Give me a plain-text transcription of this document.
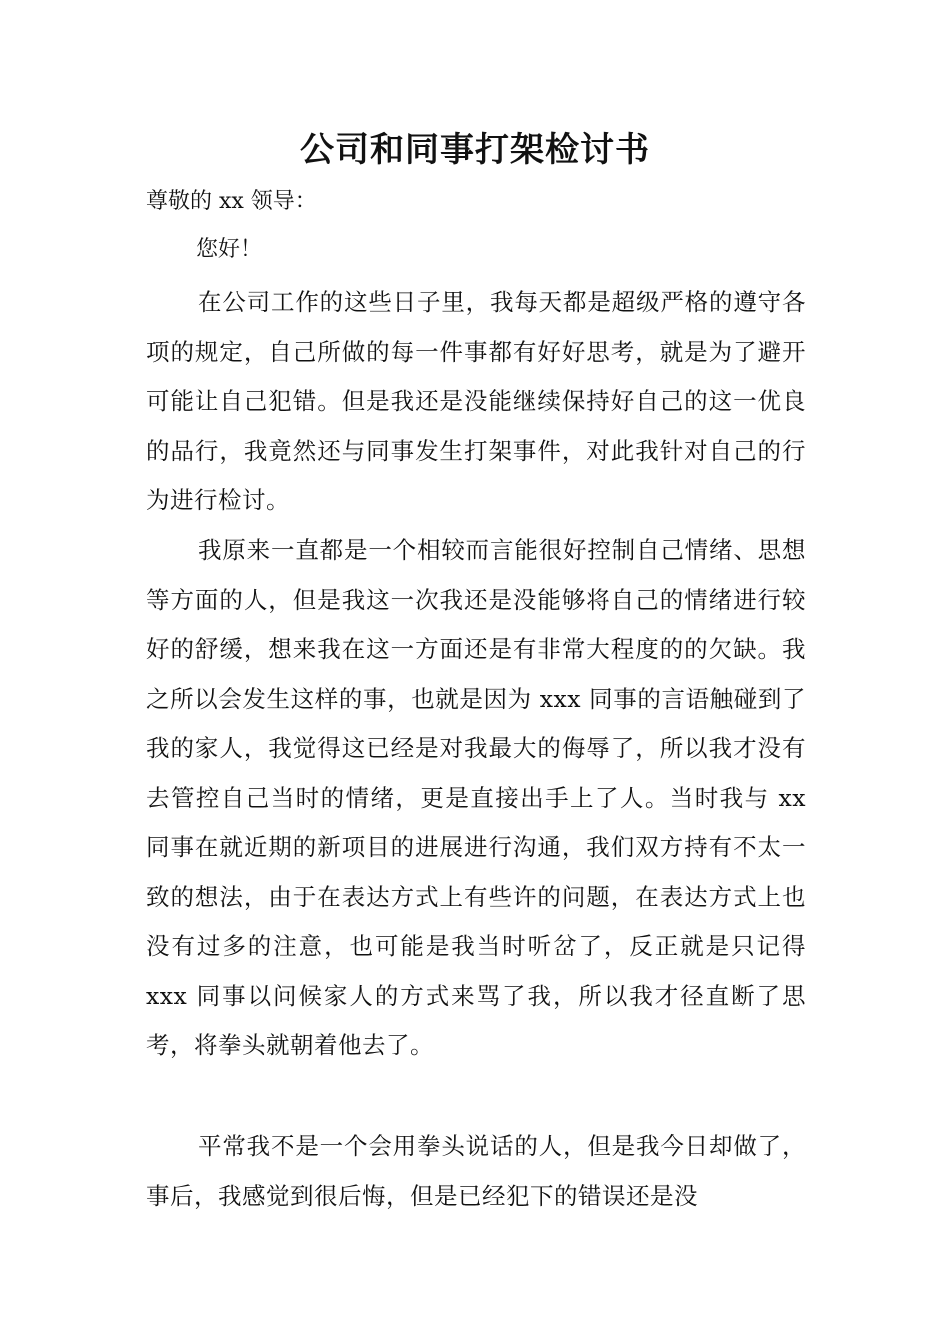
公司和同事打架检讨书
尊敬的 xx 领导：
您好！

在公司工作的这些日子里，我每天都是超级严格的遵守各项的规定，自己所做的每一件事都有好好思考，就是为了避开可能让自己犯错。但是我还是没能继续保持好自己的这一优良的品行，我竟然还与同事发生打架事件，对此我针对自己的行为进行检讨。

我原来一直都是一个相较而言能很好控制自己情绪、思想等方面的人，但是我这一次我还是没能够将自己的情绪进行较好的舒缓，想来我在这一方面还是有非常大程度的的欠缺。我之所以会发生这样的事，也就是因为 xxx 同事的言语触碰到了我的家人，我觉得这已经是对我最大的侮辱了，所以我才没有去管控自己当时的情绪，更是直接出手上了人。当时我与 xx 同事在就近期的新项目的进展进行沟通，我们双方持有不太一致的想法，由于在表达方式上有些许的问题，在表达方式上也没有过多的注意，也可能是我当时听岔了，反正就是只记得 xxx 同事以问候家人的方式来骂了我，所以我才径直断了思考，将拳头就朝着他去了。

平常我不是一个会用拳头说话的人，但是我今日却做了，事后，我感觉到很后悔，但是已经犯下的错误还是没
